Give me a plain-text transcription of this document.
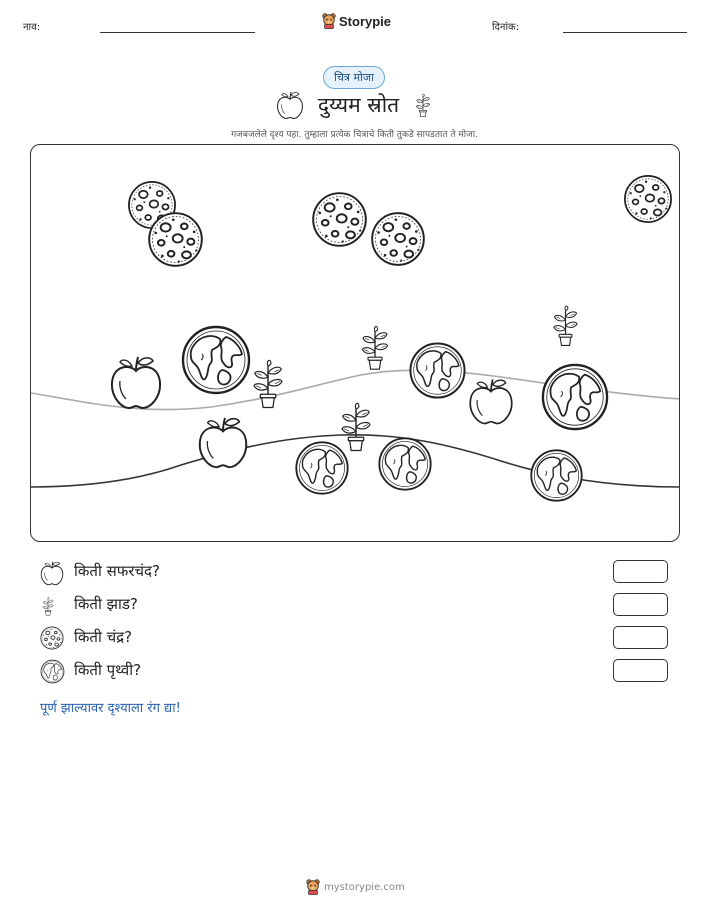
नाव:	Storypie	दिनांक:
चित्र मोजा
दुय्यम स्रोत
गजबजलेले दृश्य पहा. तुम्हाला प्रत्येक चित्राचे किती तुकडे सापडतात ते मोजा.
किती सफरचंद?
किती झाड?
किती चंद्र?
किती पृथ्वी?
पूर्ण झाल्यावर दृश्याला रंग द्या!
mystorypie.com
